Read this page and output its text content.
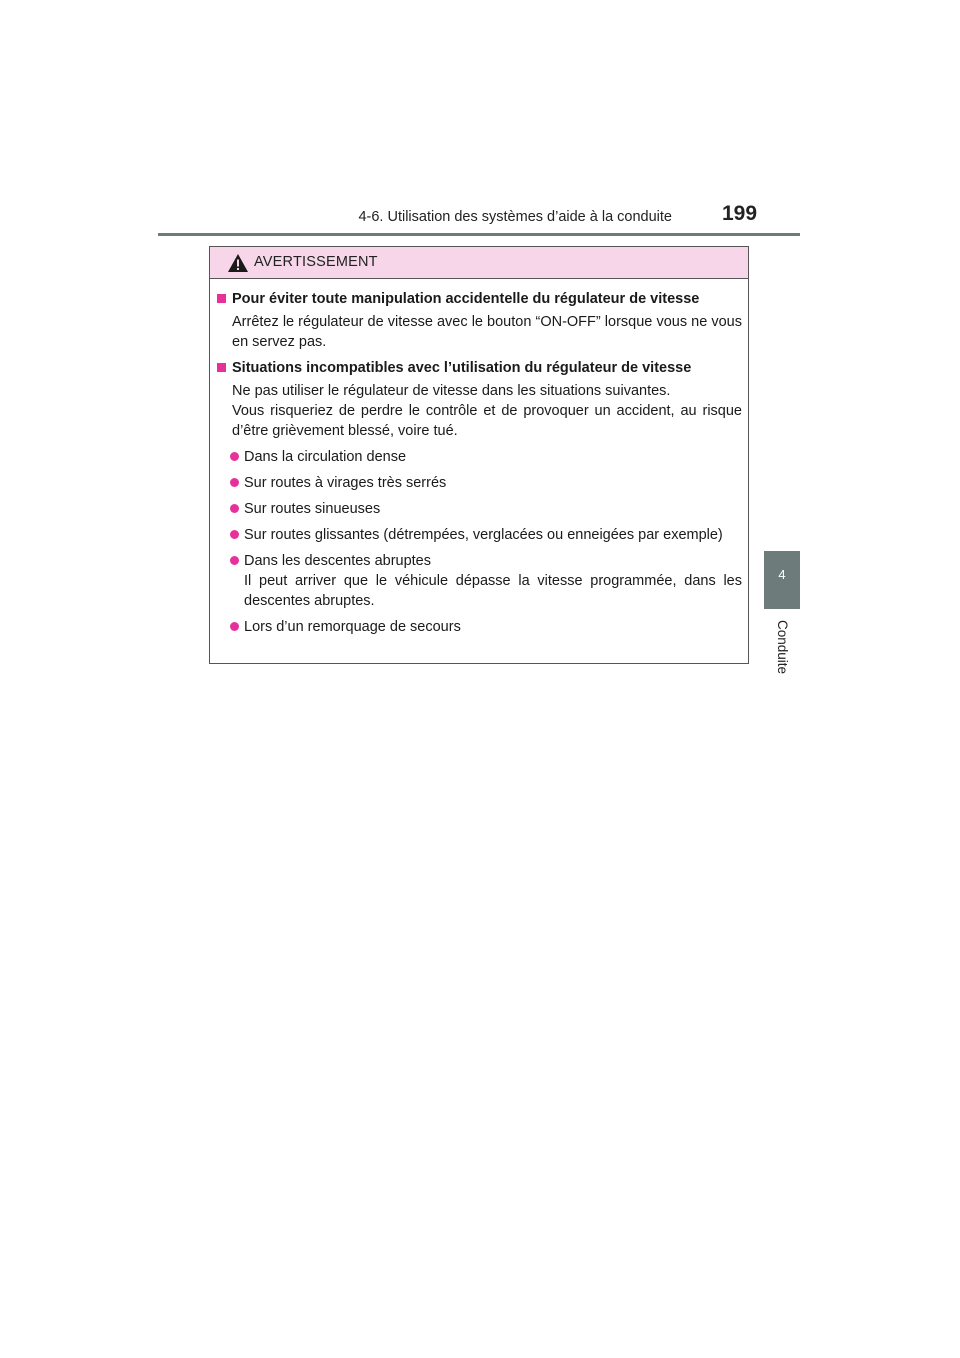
4-6. Utilisation des systèmes d’aide à la conduite 199
4
Conduite
AVERTISSEMENT
Pour éviter toute manipulation accidentelle du régulateur de vitesse
Arrêtez le régulateur de vitesse avec le bouton “ON-OFF” lorsque vous ne vous en servez pas.
Situations incompatibles avec l’utilisation du régulateur de vitesse
Ne pas utiliser le régulateur de vitesse dans les situations suivantes.
Vous risqueriez de perdre le contrôle et de provoquer un accident, au risque d’être grièvement blessé, voire tué.
Dans la circulation dense
Sur routes à virages très serrés
Sur routes sinueuses
Sur routes glissantes (détrempées, verglacées ou enneigées par exemple)
Dans les descentes abruptes
Il peut arriver que le véhicule dépasse la vitesse programmée, dans les descentes abruptes.
Lors d’un remorquage de secours
